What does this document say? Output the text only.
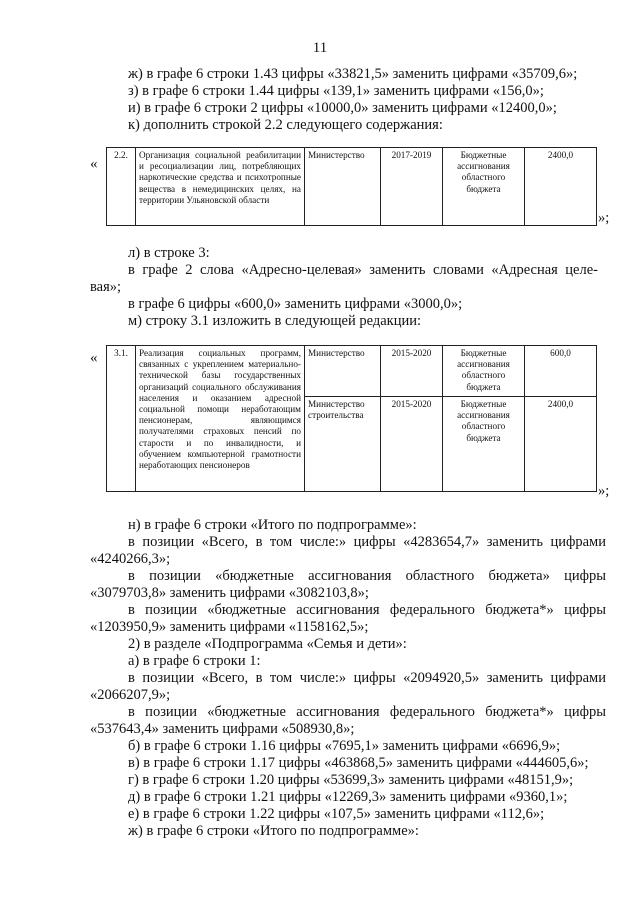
11
ж) в графе 6 строки 1.43 цифры «33821,5» заменить цифрами «35709,6»;
з) в графе 6 строки 1.44 цифры «139,1» заменить цифрами «156,0»;
и) в графе 6 строки 2 цифры «10000,0» заменить цифрами «12400,0»;
к) дополнить строкой 2.2 следующего содержания:
«
2.2.	Организация социальной реабилитации и ресоциализации лиц, потребляющих наркотические средства и психотропные вещества в немедицинских целях, на территории Ульяновской области	Министерство	2017-2019	Бюджетные ассигнования областного бюджета	2400,0
»;
л) в строке 3:
в графе 2 слова «Адресно-целевая» заменить словами «Адресная целе-
вая»;
в графе 6 цифры «600,0» заменить цифрами «3000,0»;
м) строку 3.1 изложить в следующей редакции:
« 3.1.	Реализация социальных программ, связанных с укреплением материально-технической базы государственных организаций социального обслуживания населения и оказанием адресной социальной помощи неработающим пенсионерам, являющимся получателями страховых пенсий по старости и по инвалидности, и обучением компьютерной грамотности неработающих пенсионеров	Министерство	2015-2020	Бюджетные ассигнования областного бюджета	600,0
		Министерство строительства	2015-2020	Бюджетные ассигнования областного бюджета	2400,0
»;
н) в графе 6 строки «Итого по подпрограмме»:
в позиции «Всего, в том числе:» цифры «4283654,7» заменить цифрами
«4240266,3»;
в позиции «бюджетные ассигнования областного бюджета» цифры
«3079703,8» заменить цифрами «3082103,8»;
в позиции «бюджетные ассигнования федерального бюджета*» цифры
«1203950,9» заменить цифрами «1158162,5»;
2) в разделе «Подпрограмма «Семья и дети»:
а) в графе 6 строки 1:
в позиции «Всего, в том числе:» цифры «2094920,5» заменить цифрами
«2066207,9»;
в позиции «бюджетные ассигнования федерального бюджета*» цифры
«537643,4» заменить цифрами «508930,8»;
б) в графе 6 строки 1.16 цифры «7695,1» заменить цифрами «6696,9»;
в) в графе 6 строки 1.17 цифры «463868,5» заменить цифрами «444605,6»;
г) в графе 6 строки 1.20 цифры «53699,3» заменить цифрами «48151,9»;
д) в графе 6 строки 1.21 цифры «12269,3» заменить цифрами «9360,1»;
е) в графе 6 строки 1.22 цифры «107,5» заменить цифрами «112,6»;
ж) в графе 6 строки «Итого по подпрограмме»:
